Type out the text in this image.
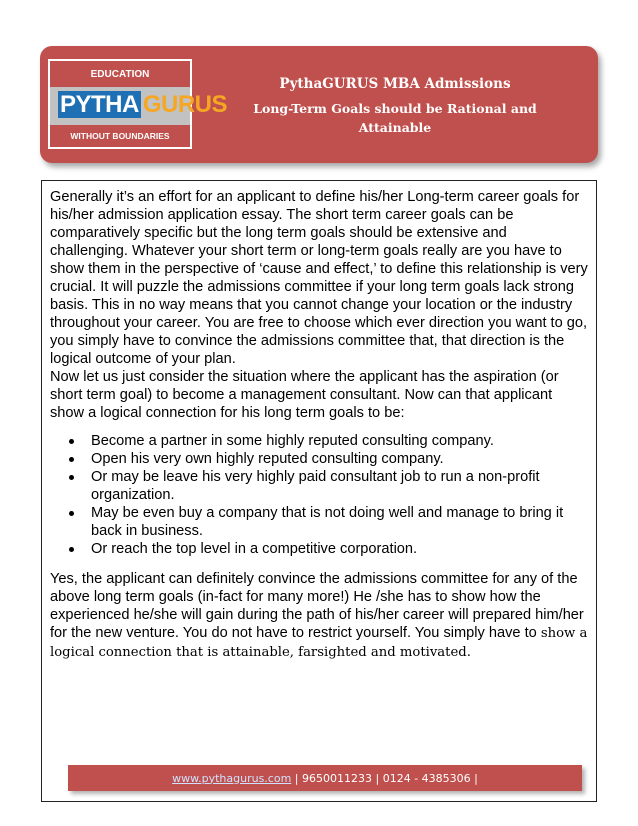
EDUCATION
PYTHA GURUS
WITHOUT BOUNDARIES
PythaGURUS MBA Admissions
Long-Term Goals should be Rational and Attainable

Generally it’s an effort for an applicant to define his/her Long-term career goals for his/her admission application essay. The short term career goals can be comparatively specific but the long term goals should be extensive and challenging. Whatever your short term or long-term goals really are you have to show them in the perspective of ‘cause and effect,’ to define this relationship is very crucial. It will puzzle the admissions committee if your long term goals lack strong basis. This in no way means that you cannot change your location or the industry throughout your career. You are free to choose which ever direction you want to go, you simply have to convince the admissions committee that, that direction is the logical outcome of your plan.

Now let us just consider the situation where the applicant has the aspiration (or short term goal) to become a management consultant. Now can that applicant show a logical connection for his long term goals to be:

Become a partner in some highly reputed consulting company.
Open his very own highly reputed consulting company.
Or may be leave his very highly paid consultant job to run a non-profit organization.
May be even buy a company that is not doing well and manage to bring it back in business.
Or reach the top level in a competitive corporation.

Yes, the applicant can definitely convince the admissions committee for any of the above long term goals (in-fact for many more!) He /she has to show how the experienced he/she will gain during the path of his/her career will prepared him/her for the new venture. You do not have to restrict yourself. You simply have to show a logical connection that is attainable, farsighted and motivated.

www.pythagurus.com | 9650011233 | 0124 - 4385306 |
